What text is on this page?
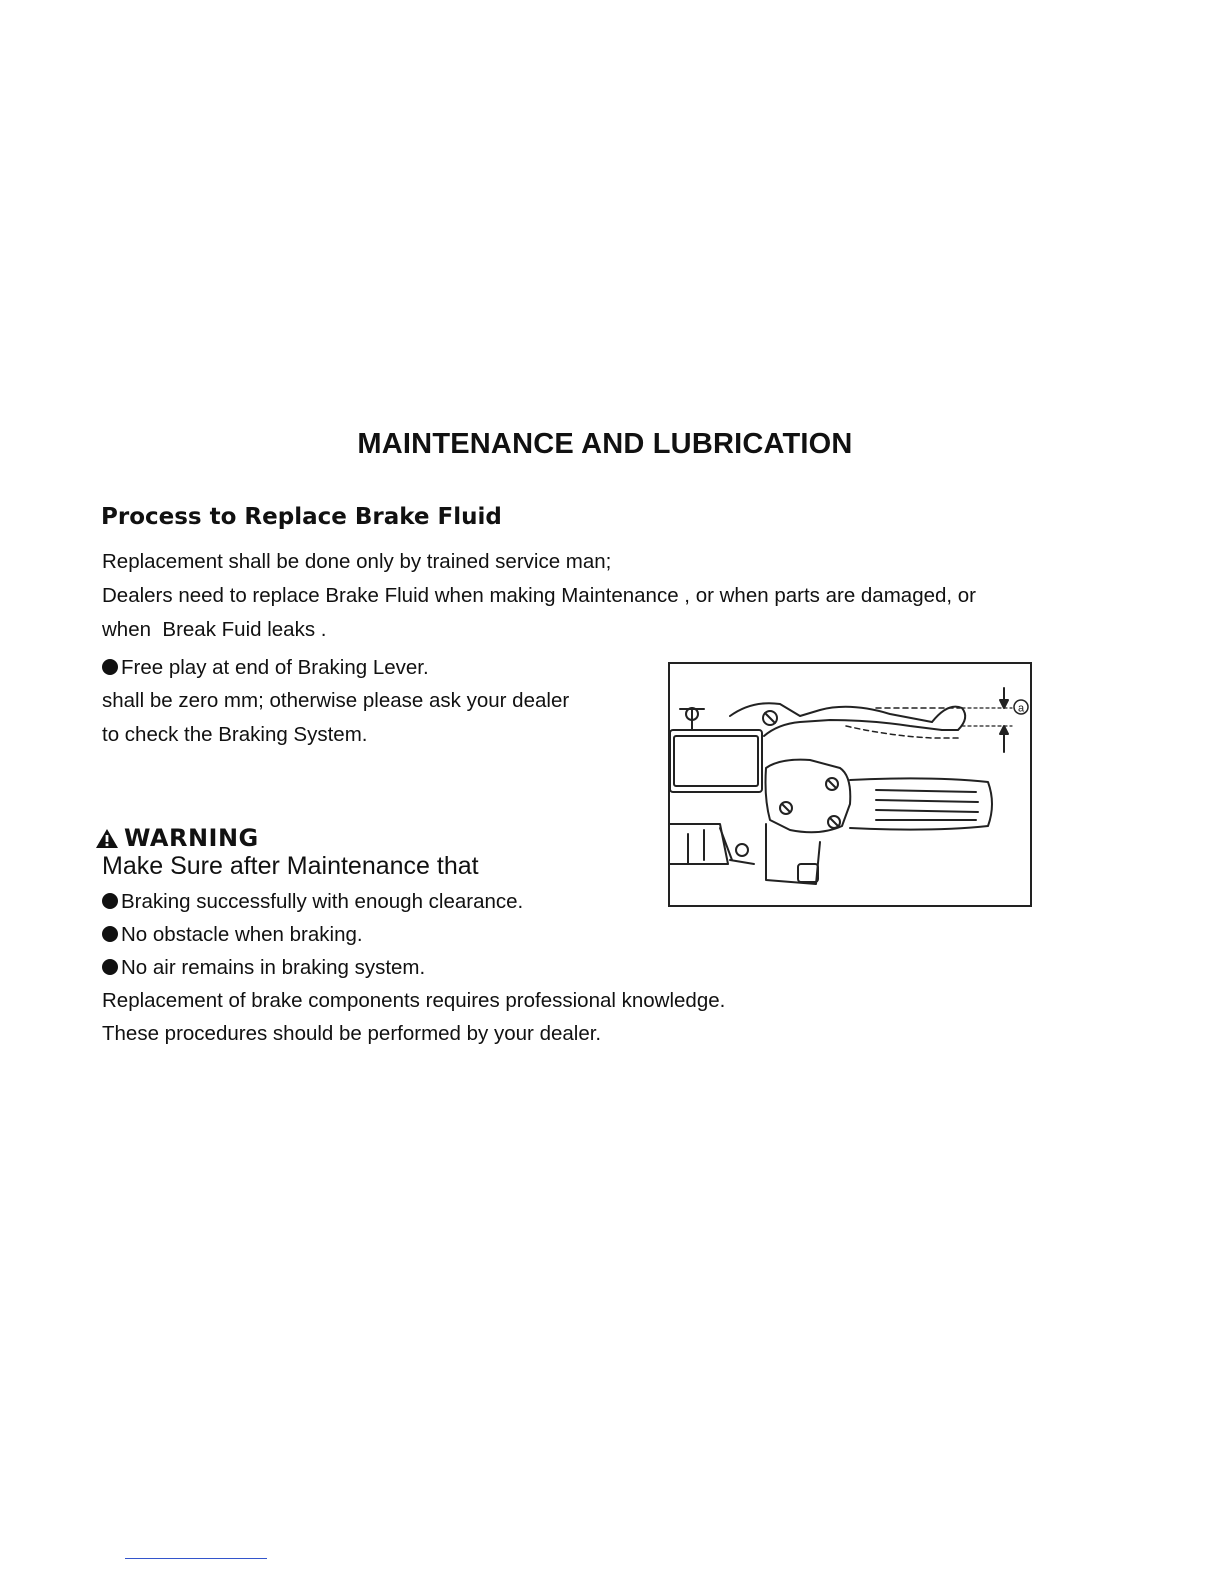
MAINTENANCE AND LUBRICATION
Process to Replace Brake Fluid
Replacement shall be done only by trained service man;
Dealers need to replace Brake Fluid when making Maintenance , or when parts are damaged, or
when  Break Fuid leaks .
Free play at end of Braking Lever.
shall be zero mm; otherwise please ask your dealer
to check the Braking System.
WARNING
Make Sure after Maintenance that
Braking successfully with enough clearance.
No obstacle when braking.
No air remains in braking system.
Replacement of brake components requires professional knowledge.
These procedures should be performed by your dealer.
a
